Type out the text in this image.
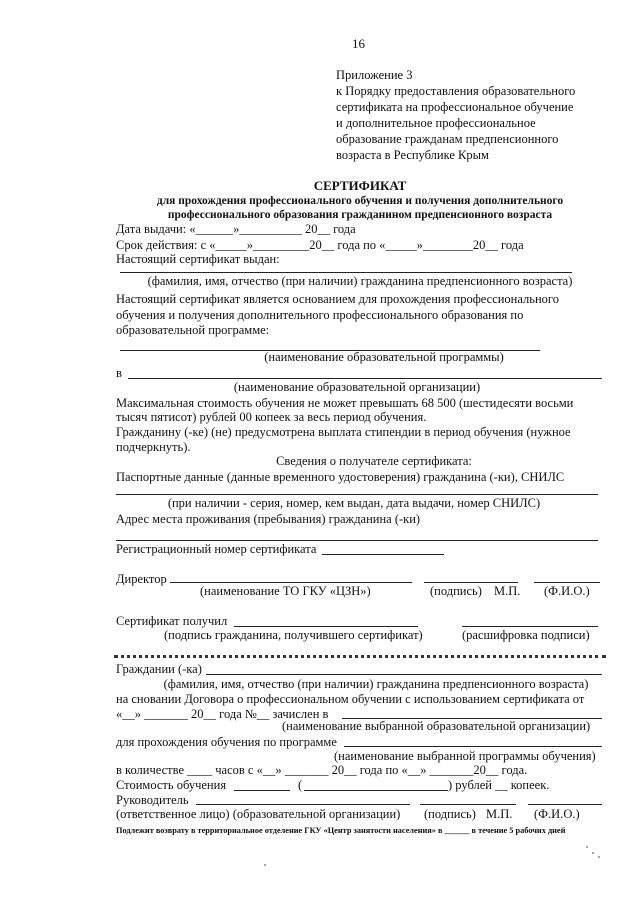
16
Приложение 3
к Порядку предоставления образовательного
сертификата на профессиональное обучение
и дополнительное профессиональное
образование гражданам предпенсионного
возраста в Республике Крым
СЕРТИФИКАТ
для прохождения профессионального обучения и получения дополнительного
профессионального образования гражданином предпенсионного возраста
Дата выдачи: «______»__________ 20__ года
Срок действия: с «_____»_________20__ года по «_____»________20__ года
Настоящий сертификат выдан:
(фамилия, имя, отчество (при наличии) гражданина предпенсионного возраста)
Настоящий сертификат является основанием для прохождения профессионального
обучения и получения дополнительного профессионального образования по
образовательной программе:
(наименование образовательной программы)
в
(наименование образовательной организации)
Максимальная стоимость обучения не может превышать 68 500 (шестидесяти восьми
тысяч пятисот) рублей 00 копеек за весь период обучения.
Гражданину (-ке) (не) предусмотрена выплата стипендии в период обучения (нужное
подчеркнуть).
Сведения о получателе сертификата:
Паспортные данные (данные временного удостоверения) гражданина (-ки), СНИЛС
(при наличии - серия, номер, кем выдан, дата выдачи, номер СНИЛС)
Адрес места проживания (пребывания) гражданина (-ки)
Регистрационный номер сертификата
Директор
(наименование ТО ГКУ «ЦЗН»)	(подпись) М.П. (Ф.И.О.)
Сертификат получил
(подпись гражданина, получившего сертификат)	(расшифровка подписи)
Граждании (-ка)
(фамилия, имя, отчество (при наличии) гражданина предпенсионного возраста)
на сновании Договора о профессиональном обучении с использованием сертификата от
«__» _______ 20__ года №__ зачислен в
(наименование выбранной образовательной организации)
для прохождения обучения по программе
(наименование выбранной программы обучения)
в количестве ____ часов с «__» _______ 20__ года по «__» _______20__ года.
Стоимость обучения	(	) рублей __ копеек.
Руководитель
(ответственное лицо) (образовательной организации) (подпись) М.П. (Ф.И.О.)
Подлежит возврату в территориальное отделение ГКУ «Центр занятости населения» в ______ в течение 5 рабочих дней
